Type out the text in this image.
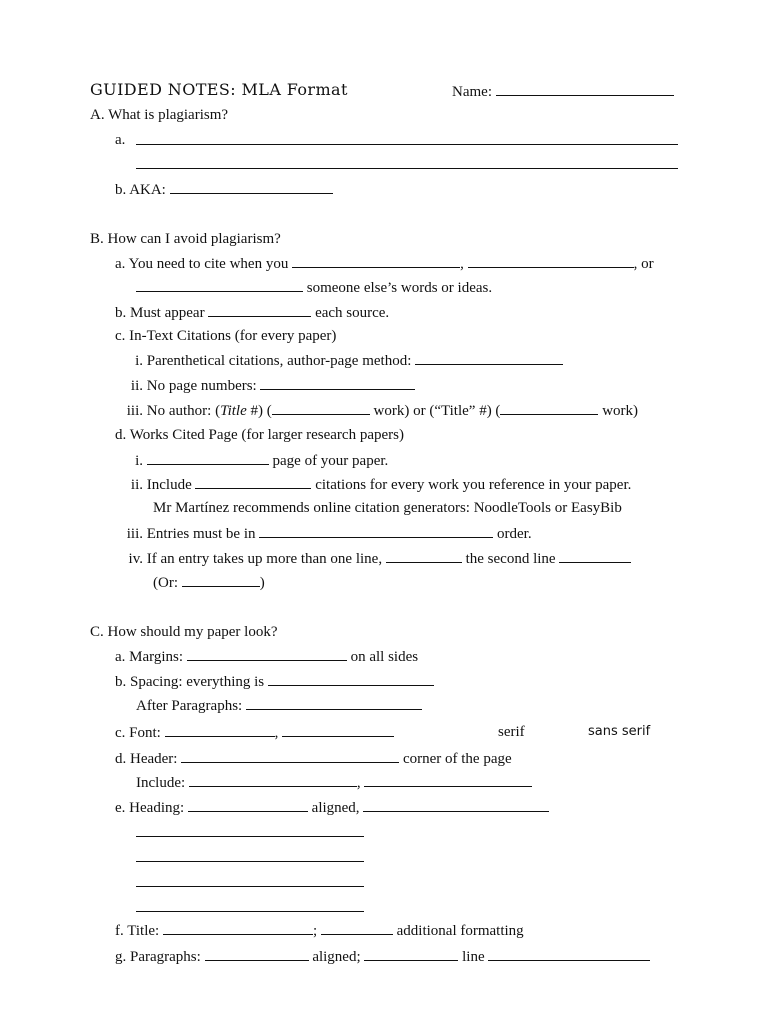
GUIDED NOTES: MLA Format	Name:
A. What is plagiarism?
a.
b. AKA:
B. How can I avoid plagiarism?
a. You need to cite when you	,	, or
someone else’s words or ideas.
b. Must appear	each source.
c. In-Text Citations (for every paper)
i. Parenthetical citations, author-page method:
ii. No page numbers:
iii. No author: (Title #) (	work) or (“Title” #) (	work)
d. Works Cited Page (for larger research papers)
i.	page of your paper.
ii. Include	citations for every work you reference in your paper.
Mr Martínez recommends online citation generators: NoodleTools or EasyBib
iii. Entries must be in	order.
iv. If an entry takes up more than one line,	the second line
(Or:	)
C. How should my paper look?
a. Margins:	on all sides
b. Spacing: everything is
After Paragraphs:
c. Font:	,	serif	sans serif
d. Header:	corner of the page
Include:	,
e. Heading:	aligned,
f. Title:	;	additional formatting
g. Paragraphs:	aligned;	line
